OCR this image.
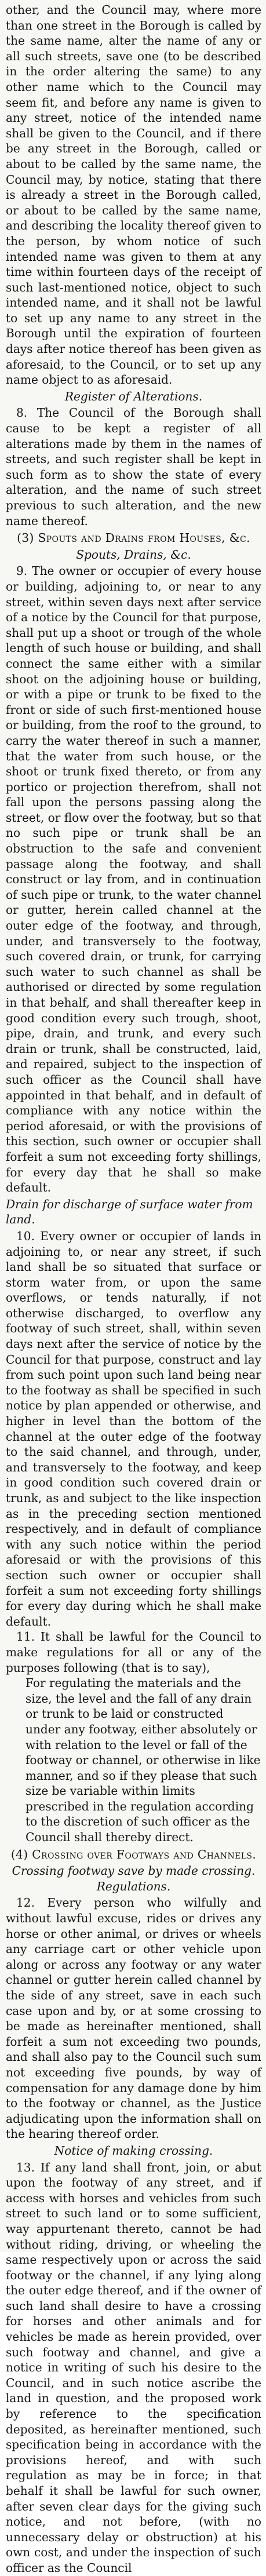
other, and the Council may, where more than one street in the Borough is called by the same name, alter the name of any or all such streets, save one (to be described in the order altering the same) to any other name which to the Council may seem fit, and before any name is given to any street, notice of the intended name shall be given to the Council, and if there be any street in the Borough, called or about to be called by the same name, the Council may, by notice, stating that there is already a street in the Borough called, or about to be called by the same name, and describing the locality thereof given to the person, by whom notice of such intended name was given to them at any time within fourteen days of the receipt of such last-mentioned notice, object to such intended name, and it shall not be lawful to set up any name to any street in the Borough until the expiration of fourteen days after notice thereof has been given as aforesaid, to the Council, or to set up any name object to as aforesaid.

Register of Alterations.

8. The Council of the Borough shall cause to be kept a register of all alterations made by them in the names of streets, and such register shall be kept in such form as to show the state of every alteration, and the name of such street previous to such alteration, and the new name thereof.

(3) Spouts and Drains from Houses, &c.
Spouts, Drains, &c.

9. The owner or occupier of every house or building, adjoining to, or near to any street, within seven days next after service of a notice by the Council for that purpose, shall put up a shoot or trough of the whole length of such house or building, and shall connect the same either with a similar shoot on the adjoining house or building, or with a pipe or trunk to be fixed to the front or side of such first-mentioned house or building, from the roof to the ground, to carry the water thereof in such a manner, that the water from such house, or the shoot or trunk fixed thereto, or from any portico or projection therefrom, shall not fall upon the persons passing along the street, or flow over the footway, but so that no such pipe or trunk shall be an obstruction to the safe and convenient passage along the footway, and shall construct or lay from, and in continuation of such pipe or trunk, to the water channel or gutter, herein called channel at the outer edge of the footway, and through, under, and transversely to the footway, such covered drain, or trunk, for carrying such water to such channel as shall be authorised or directed by some regulation in that behalf, and shall thereafter keep in good condition every such trough, shoot, pipe, drain, and trunk, and every such drain or trunk, shall be constructed, laid, and repaired, subject to the inspection of such officer as the Council shall have appointed in that behalf, and in default of compliance with any notice within the period aforesaid, or with the provisions of this section, such owner or occupier shall forfeit a sum not exceeding forty shillings, for every day that he shall so make default.

Drain for discharge of surface water from land.

10. Every owner or occupier of lands in adjoining to, or near any street, if such land shall be so situated that surface or storm water from, or upon the same overflows, or tends naturally, if not otherwise discharged, to overflow any footway of such street, shall, within seven days next after the service of notice by the Council for that purpose, construct and lay from such point upon such land being near to the footway as shall be specified in such notice by plan appended or otherwise, and higher in level than the bottom of the channel at the outer edge of the footway to the said channel, and through, under, and transversely to the footway, and keep in good condition such covered drain or trunk, as and subject to the like inspection as in the preceding section mentioned respectively, and in default of compliance with any such notice within the period aforesaid or with the provisions of this section such owner or occupier shall forfeit a sum not exceeding forty shillings for every day during which he shall make default.

11. It shall be lawful for the Council to make regulations for all or any of the purposes following (that is to say),

For regulating the materials and the size, the level and the fall of any drain or trunk to be laid or constructed under any footway, either absolutely or with relation to the level or fall of the footway or channel, or otherwise in like manner, and so if they please that such size be variable within limits prescribed in the regulation according to the discretion of such officer as the Council shall thereby direct.

(4) Crossing over Footways and Channels.
Crossing footway save by made crossing. Regulations.

12. Every person who wilfully and without lawful excuse, rides or drives any horse or other animal, or drives or wheels any carriage cart or other vehicle upon along or across any footway or any water channel or gutter herein called channel by the side of any street, save in each such case upon and by, or at some crossing to be made as hereinafter mentioned, shall forfeit a sum not exceeding two pounds, and shall also pay to the Council such sum not exceeding five pounds, by way of compensation for any damage done by him to the footway or channel, as the Justice adjudicating upon the information shall on the hearing thereof order.

Notice of making crossing.

13. If any land shall front, join, or abut upon the footway of any street, and if access with horses and vehicles from such street to such land or to some sufficient, way appurtenant thereto, cannot be had without riding, driving, or wheeling the same respectively upon or across the said footway or the channel, if any lying along the outer edge thereof, and if the owner of such land shall desire to have a crossing for horses and other animals and for vehicles be made as herein provided, over such footway and channel, and give a notice in writing of such his desire to the Council, and in such notice ascribe the land in question, and the proposed work by reference to the specification deposited, as hereinafter mentioned, such specification being in accordance with the provisions hereof, and with such regulation as may be in force; in that behalf it shall be lawful for such owner, after seven clear days for the giving such notice, and not before, (with no unnecessary delay or obstruction) at his own cost, and under the inspection of such officer as the Council
